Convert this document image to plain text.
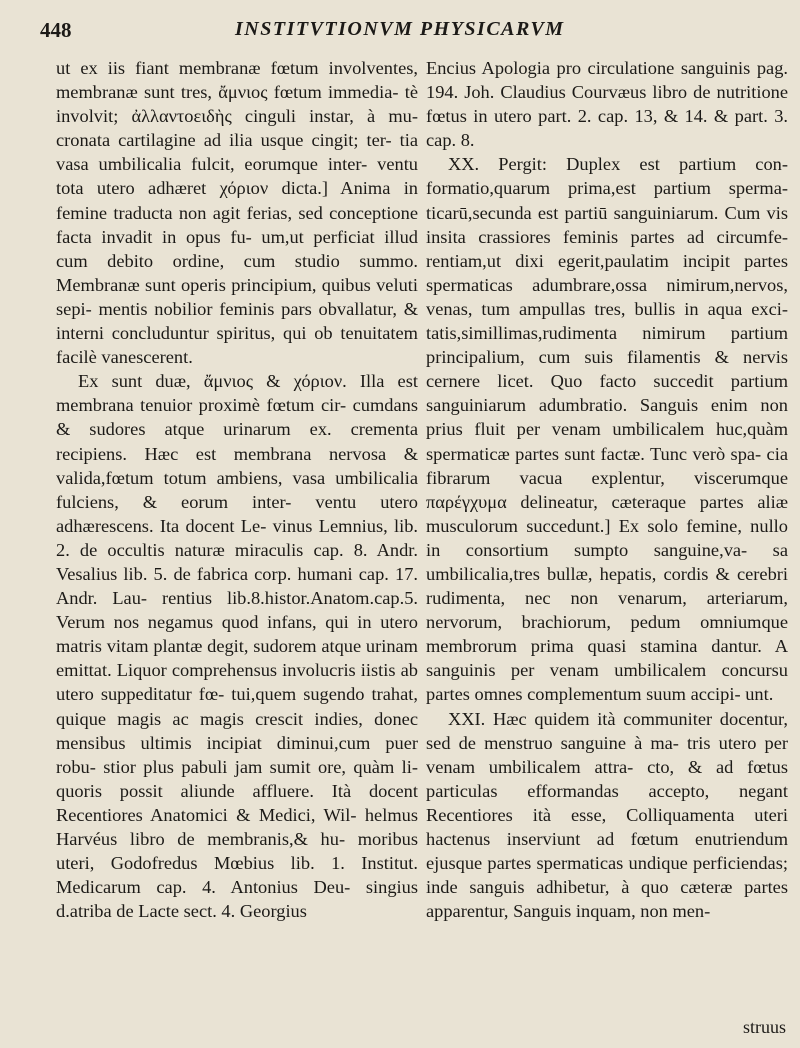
448	INSTITVTIONVM PHYSICARVM

ut ex iis fiant membranæ fœtum involventes, membranæ sunt tres, ἄμνιος fœtum immedia- tè involvit; ἀλλαντοειδὴς cinguli instar, à mu- cronata cartilagine ad ilia usque cingit; ter- tia vasa umbilicalia fulcit, eorumque inter- ventu tota utero adhæret χόριον dicta.] Anima in femine traducta non agit ferias, sed conceptione facta invadit in opus fu- um,ut perficiat illud cum debito ordine, cum studio summo. Membranæ sunt operis principium, quibus veluti sepi- mentis nobilior feminis pars obvallatur, & interni concluduntur spiritus, qui ob tenuitatem facilè vanescerent.

Ex sunt duæ, ἄμνιος & χόριον. Illa est membrana tenuior proximè fœtum cir- cumdans & sudores atque urinarum ex. crementa recipiens. Hæc est membrana nervosa & valida,fœtum totum ambiens, vasa umbilicalia fulciens, & eorum inter- ventu utero adhærescens. Ita docent Le- vinus Lemnius, lib. 2. de occultis naturæ miraculis cap. 8. Andr. Vesalius lib. 5. de fabrica corp. humani cap. 17. Andr. Lau- rentius lib.8.histor.Anatom.cap.5. Verum nos negamus quod infans, qui in utero matris vitam plantæ degit, sudorem atque urinam emittat. Liquor comprehensus involucris iistis ab utero suppeditatur fœ- tui,quem sugendo trahat, quique magis ac magis crescit indies, donec mensibus ultimis incipiat diminui,cum puer robu- stior plus pabuli jam sumit ore, quàm li- quoris possit aliunde affluere. Ità docent Recentiores Anatomici & Medici, Wil- helmus Harvéus libro de membranis,& hu- moribus uteri, Godofredus Mœbius lib. 1. Institut. Medicarum cap. 4. Antonius Deu- singius d.atriba de Lacte sect. 4. Georgius

Encius Apologia pro circulatione sanguinis pag. 194. Joh. Claudius Courvæus libro de nutritione fœtus in utero part. 2. cap. 13, & 14. & part. 3. cap. 8.

XX. Pergit: Duplex est partium con- formatio,quarum prima,est partium sperma- ticarū,secunda est partiū sanguiniarum. Cum vis insita crassiores feminis partes ad circumfe- rentiam,ut dixi egerit,paulatim incipit partes spermaticas adumbrare,ossa nimirum,nervos, venas, tum ampullas tres, bullis in aqua exci- tatis,simillimas,rudimenta nimirum partium principalium, cum suis filamentis & nervis cernere licet. Quo facto succedit partium sanguiniarum adumbratio. Sanguis enim non prius fluit per venam umbilicalem huc,quàm spermaticæ partes sunt factæ. Tunc verò spa- cia fibrarum vacua explentur, viscerumque παρέγχυμα delineatur, cæteraque partes aliæ musculorum succedunt.] Ex solo femine, nullo in consortium sumpto sanguine,va- sa umbilicalia,tres bullæ, hepatis, cordis & cerebri rudimenta, nec non venarum, arteriarum, nervorum, brachiorum, pedum omniumque membrorum prima quasi stamina dantur. A sanguinis per venam umbilicalem concursu partes omnes complementum suum accipi- unt.

XXI. Hæc quidem ità communiter docentur, sed de menstruo sanguine à ma- tris utero per venam umbilicalem attra- cto, & ad fœtus particulas efformandas accepto, negant Recentiores ità esse, Colliquamenta uteri hactenus inserviunt ad fœtum enutriendum ejusque partes spermaticas undique perficiendas; inde sanguis adhibetur, à quo cæteræ partes apparentur, Sanguis inquam, non men-

struus
